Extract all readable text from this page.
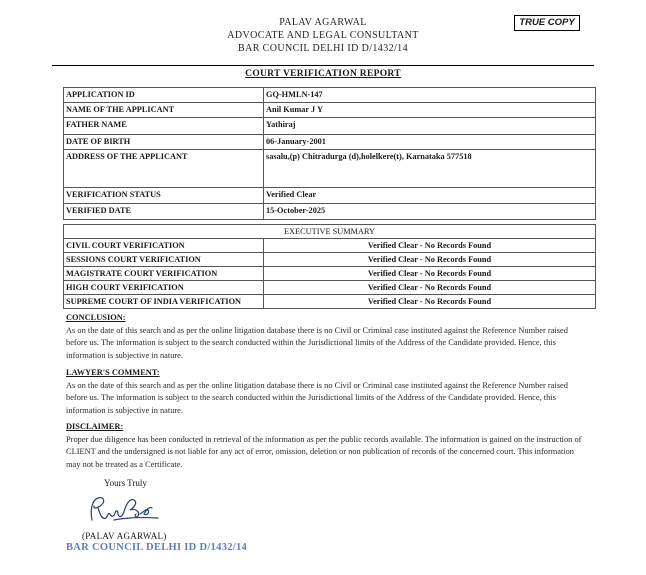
PALAV AGARWAL
ADVOCATE AND LEGAL CONSULTANT
BAR COUNCIL DELHI ID D/1432/14
TRUE COPY
COURT VERIFICATION REPORT
APPLICATION ID	GQ-HMLN-147
NAME OF THE APPLICANT	Anil Kumar J Y
FATHER NAME	Yathiraj
DATE OF BIRTH	06-January-2001
ADDRESS OF THE APPLICANT	sasalu,(p) Chitradurga (d),holelkere(t), Karnataka 577518
VERIFICATION STATUS	Verified Clear
VERIFIED DATE	15-October-2025
EXECUTIVE SUMMARY	
CIVIL COURT VERIFICATION	Verified Clear - No Records Found
SESSIONS COURT VERIFICATION	Verified Clear - No Records Found
MAGISTRATE COURT VERIFICATION	Verified Clear - No Records Found
HIGH COURT VERIFICATION	Verified Clear - No Records Found
SUPREME COURT OF INDIA VERIFICATION	Verified Clear - No Records Found
CONCLUSION:
As on the date of this search and as per the online litigation database there is no Civil or Criminal case instituted against the Reference Number raised before us. The information is subject to the search conducted within the Jurisdictional limits of the Address of the Candidate provided. Hence, this information is subjective in nature.
LAWYER'S COMMENT:
As on the date of this search and as per the online litigation database there is no Civil or Criminal case instituted against the Reference Number raised before us. The information is subject to the search conducted within the Jurisdictional limits of the Address of the Candidate provided. Hence, this information is subjective in nature.
DISCLAIMER:
Proper due diligence has been conducted in retrieval of the information as per the public records available. The information is gained on the instruction of CLIENT and the undersigned is not liable for any act of error, omission, deletion or non publication of records of the concerned court. This information may not be treated as a Certificate.
Yours Truly
(PALAV AGARWAL)
BAR COUNCIL DELHI ID D/1432/14
